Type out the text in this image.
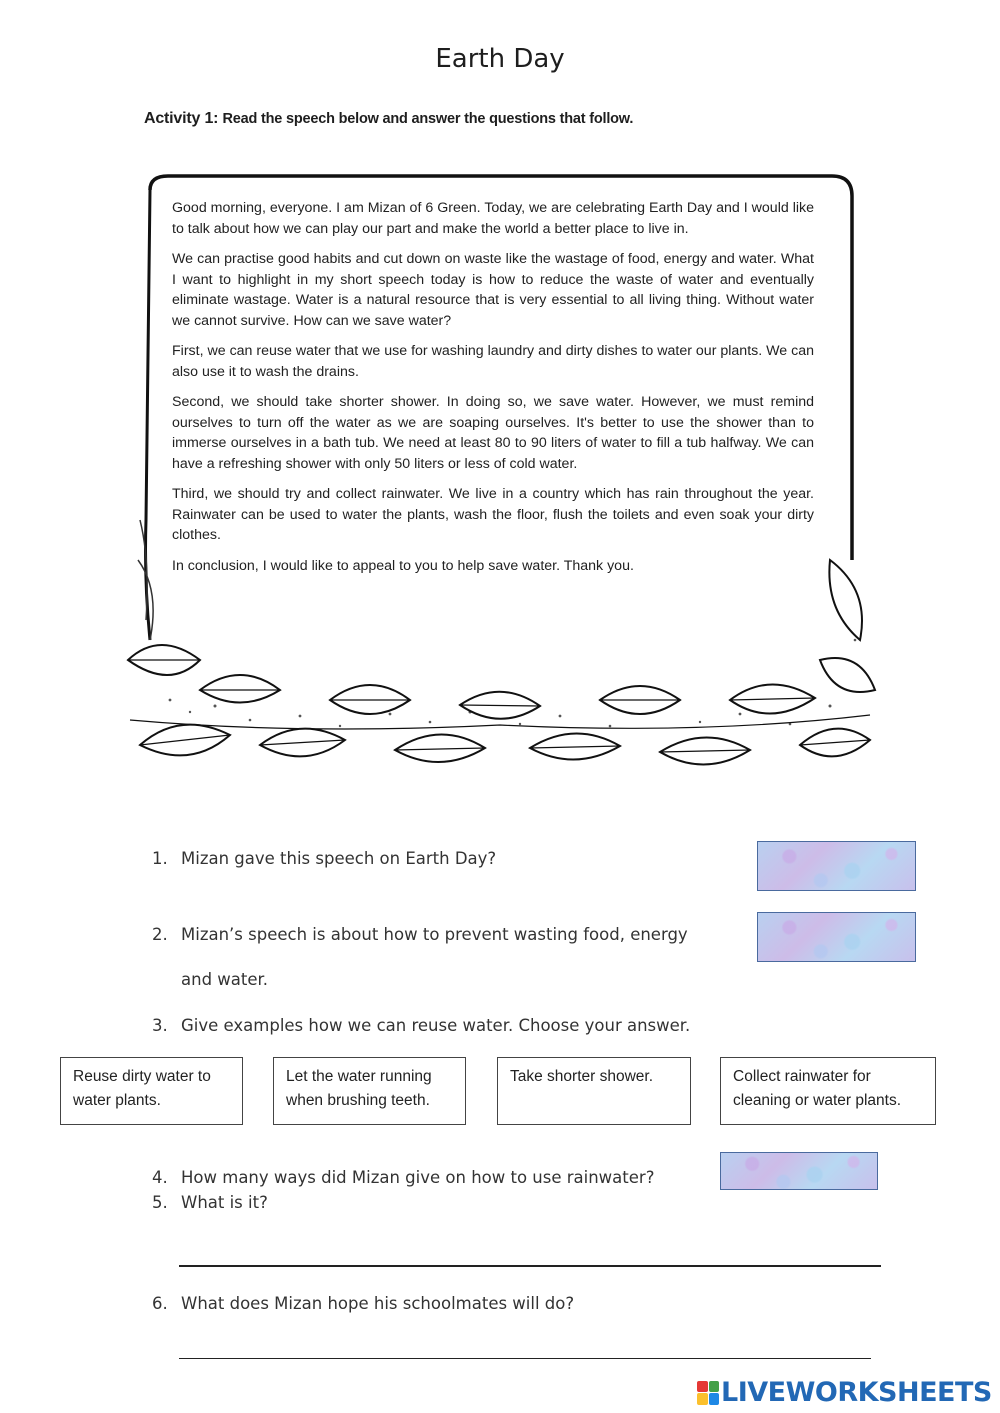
Earth Day
Activity 1: Read the speech below and answer the questions that follow.

Good morning, everyone. I am Mizan of 6 Green. Today, we are celebrating Earth Day and I would like to talk about how we can play our part and make the world a better place to live in.

We can practise good habits and cut down on waste like the wastage of food, energy and water. What I want to highlight in my short speech today is how to reduce the waste of water and eventually eliminate wastage. Water is a natural resource that is very essential to all living thing. Without water we cannot survive. How can we save water?

First, we can reuse water that we use for washing laundry and dirty dishes to water our plants. We can also use it to wash the drains.

Second, we should take shorter shower. In doing so, we save water. However, we must remind ourselves to turn off the water as we are soaping ourselves. It's better to use the shower than to immerse ourselves in a bath tub. We need at least 80 to 90 liters of water to fill a tub halfway. We can have a refreshing shower with only 50 liters or less of cold water.

Third, we should try and collect rainwater. We live in a country which has rain throughout the year. Rainwater can be used to water the plants, wash the floor, flush the toilets and even soak your dirty clothes.

In conclusion, I would like to appeal to you to help save water. Thank you.

1. Mizan gave this speech on Earth Day?
2. Mizan’s speech is about how to prevent wasting food, energy
and water.
3. Give examples how we can reuse water. Choose your answer.
Reuse dirty water to water plants.
Let the water running when brushing teeth.
Take shorter shower.	Collect rainwater for cleaning or water plants.
4. How many ways did Mizan give on how to use rainwater?
5. What is it?
6. What does Mizan hope his schoolmates will do?
LIVEWORKSHEETS
